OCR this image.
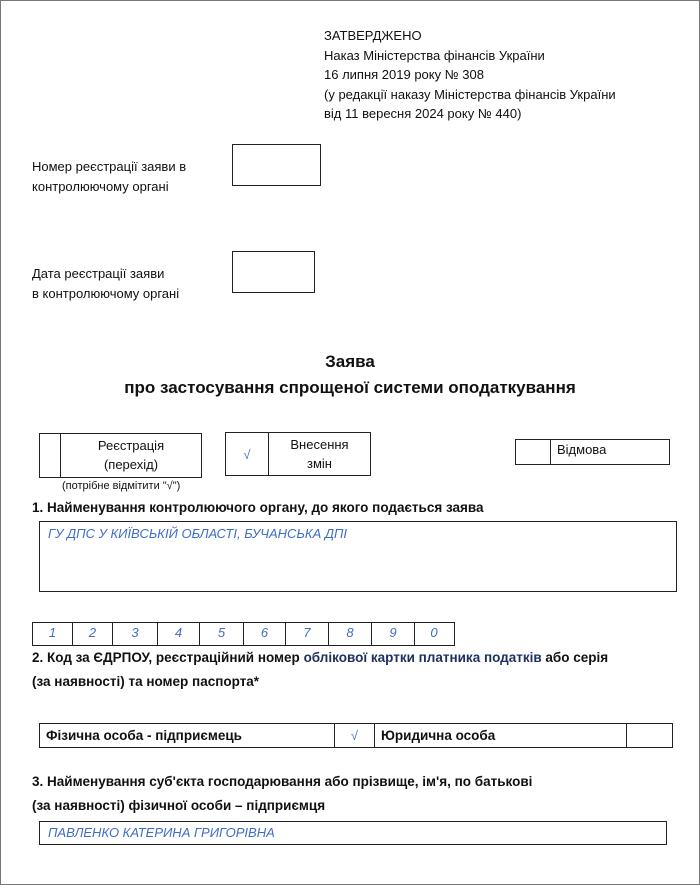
ЗАТВЕРДЖЕНО
Наказ Міністерства фінансів України
16 липня 2019 року № 308
(у редакції наказу Міністерства фінансів України
від 11 вересня 2024 року № 440)
Номер реєстрації заяви в
контролюючому органі
Дата реєстрації заяви
в контролюючому органі
Заява
про застосування спрощеної системи оподаткування
Реєстрація
(перехід)
(потрібне відмітити "√")
√
Внесення
змін
Відмова
1. Найменування контролюючого органу, до якого подається заява
ГУ ДПС У КИЇВСЬКІЙ ОБЛАСТІ, БУЧАНСЬКА ДПІ
1	2	3	4	5	6	7	8	9	0
2. Код за ЄДРПОУ, реєстраційний номер облікової картки платника податків або серія
(за наявності) та номер паспорта*
Фізична особа - підприємець	√	Юридична особа
3. Найменування суб'єкта господарювання або прізвище, ім'я, по батькові
(за наявності) фізичної особи – підприємця
ПАВЛЕНКО КАТЕРИНА ГРИГОРІВНА
